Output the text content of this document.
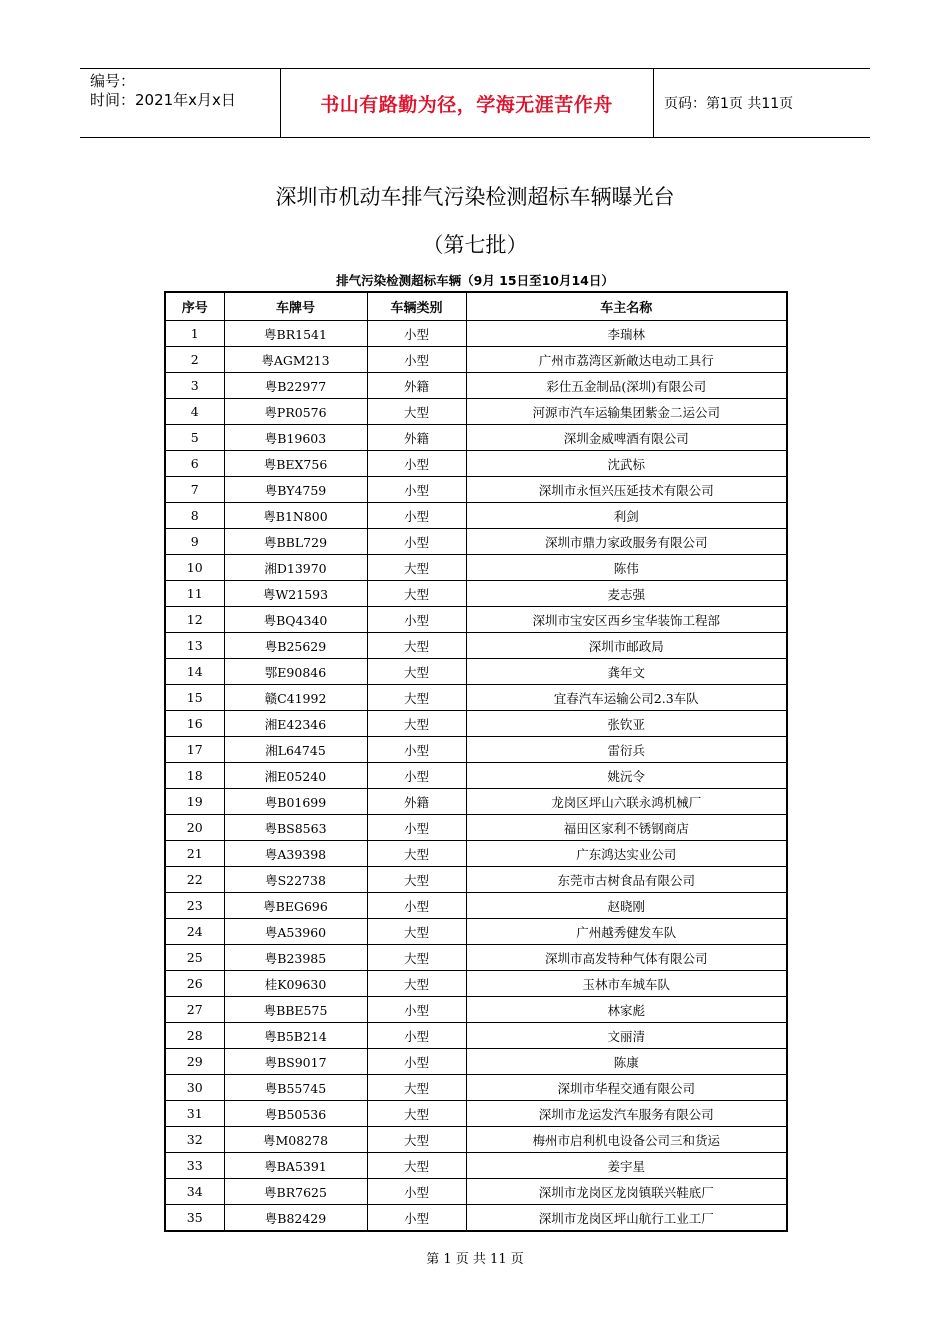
编号：
时间：2021年x月x日	书山有路勤为径，学海无涯苦作舟	页码：第1页 共11页
深圳市机动车排气污染检测超标车辆曝光台
（第七批）
排气污染检测超标车辆（9月 15日至10月14日）
序号	车牌号	车辆类别	车主名称
1	粤BR1541	小型	李瑞林
2	粤AGM213	小型	广州市荔湾区新敵达电动工具行
3	粤B22977	外籍	彩仕五金制品(深圳)有限公司
4	粤PR0576	大型	河源市汽车运输集团紫金二运公司
5	粤B19603	外籍	深圳金威啤酒有限公司
6	粤BEX756	小型	沈武标
7	粤BY4759	小型	深圳市永恒兴压延技术有限公司
8	粤B1N800	小型	利剑
9	粤BBL729	小型	深圳市鼎力家政服务有限公司
10	湘D13970	大型	陈伟
11	粤W21593	大型	麦志强
12	粤BQ4340	小型	深圳市宝安区西乡宝华装饰工程部
13	粤B25629	大型	深圳市邮政局
14	鄂E90846	大型	龚年文
15	赣C41992	大型	宜春汽车运输公司2.3车队
16	湘E42346	大型	张钦亚
17	湘L64745	小型	雷衍兵
18	湘E05240	小型	姚沅令
19	粤B01699	外籍	龙岗区坪山六联永鸿机械厂
20	粤BS8563	小型	福田区家利不锈钢商店
21	粤A39398	大型	广东鸿达实业公司
22	粤S22738	大型	东莞市古树食品有限公司
23	粤BEG696	小型	赵晓刚
24	粤A53960	大型	广州越秀健发车队
25	粤B23985	大型	深圳市高发特种气体有限公司
26	桂K09630	大型	玉林市车城车队
27	粤BBE575	小型	林家彪
28	粤B5B214	小型	文丽清
29	粤BS9017	小型	陈康
30	粤B55745	大型	深圳市华程交通有限公司
31	粤B50536	大型	深圳市龙运发汽车服务有限公司
32	粤M08278	大型	梅州市启利机电设备公司三和货运
33	粤BA5391	大型	姜宇星
34	粤BR7625	小型	深圳市龙岗区龙岗镇联兴鞋底厂
35	粤B82429	小型	深圳市龙岗区坪山航行工业工厂
第 1 页 共 11 页
